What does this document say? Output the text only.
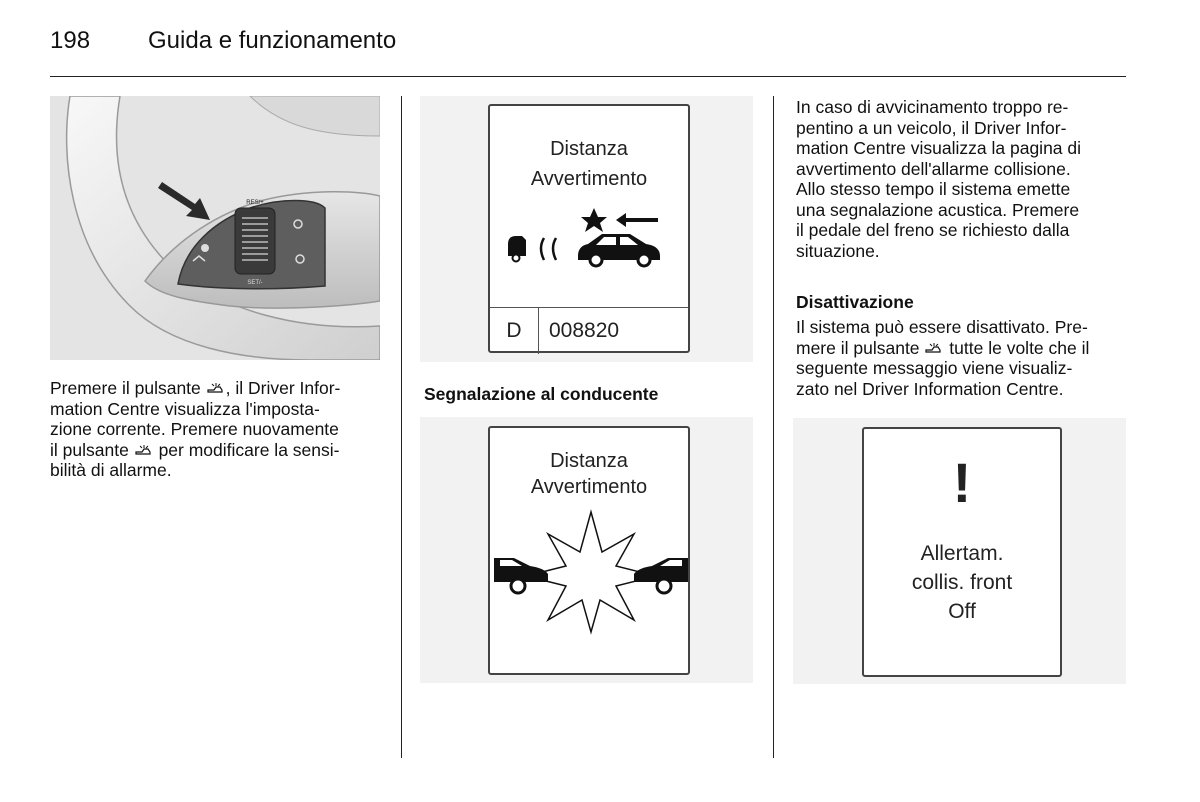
198 Guida e funzionamento
RES/+
SET/-
Premere il pulsante , il Driver Infor-
mation Centre visualizza l'imposta-
zione corrente. Premere nuovamente
il pulsante per modificare la sensi-
bilità di allarme.
Distanza
Avvertimento
D	008820
Segnalazione al conducente
Distanza
Avvertimento
In caso di avvicinamento troppo re-
pentino a un veicolo, il Driver Infor-
mation Centre visualizza la pagina di
avvertimento dell'allarme collisione.
Allo stesso tempo il sistema emette
una segnalazione acustica. Premere
il pedale del freno se richiesto dalla
situazione.
Disattivazione
Il sistema può essere disattivato. Pre-
mere il pulsante tutte le volte che il
seguente messaggio viene visualiz-
zato nel Driver Information Centre.
!
Allertam.
collis. front
Off
